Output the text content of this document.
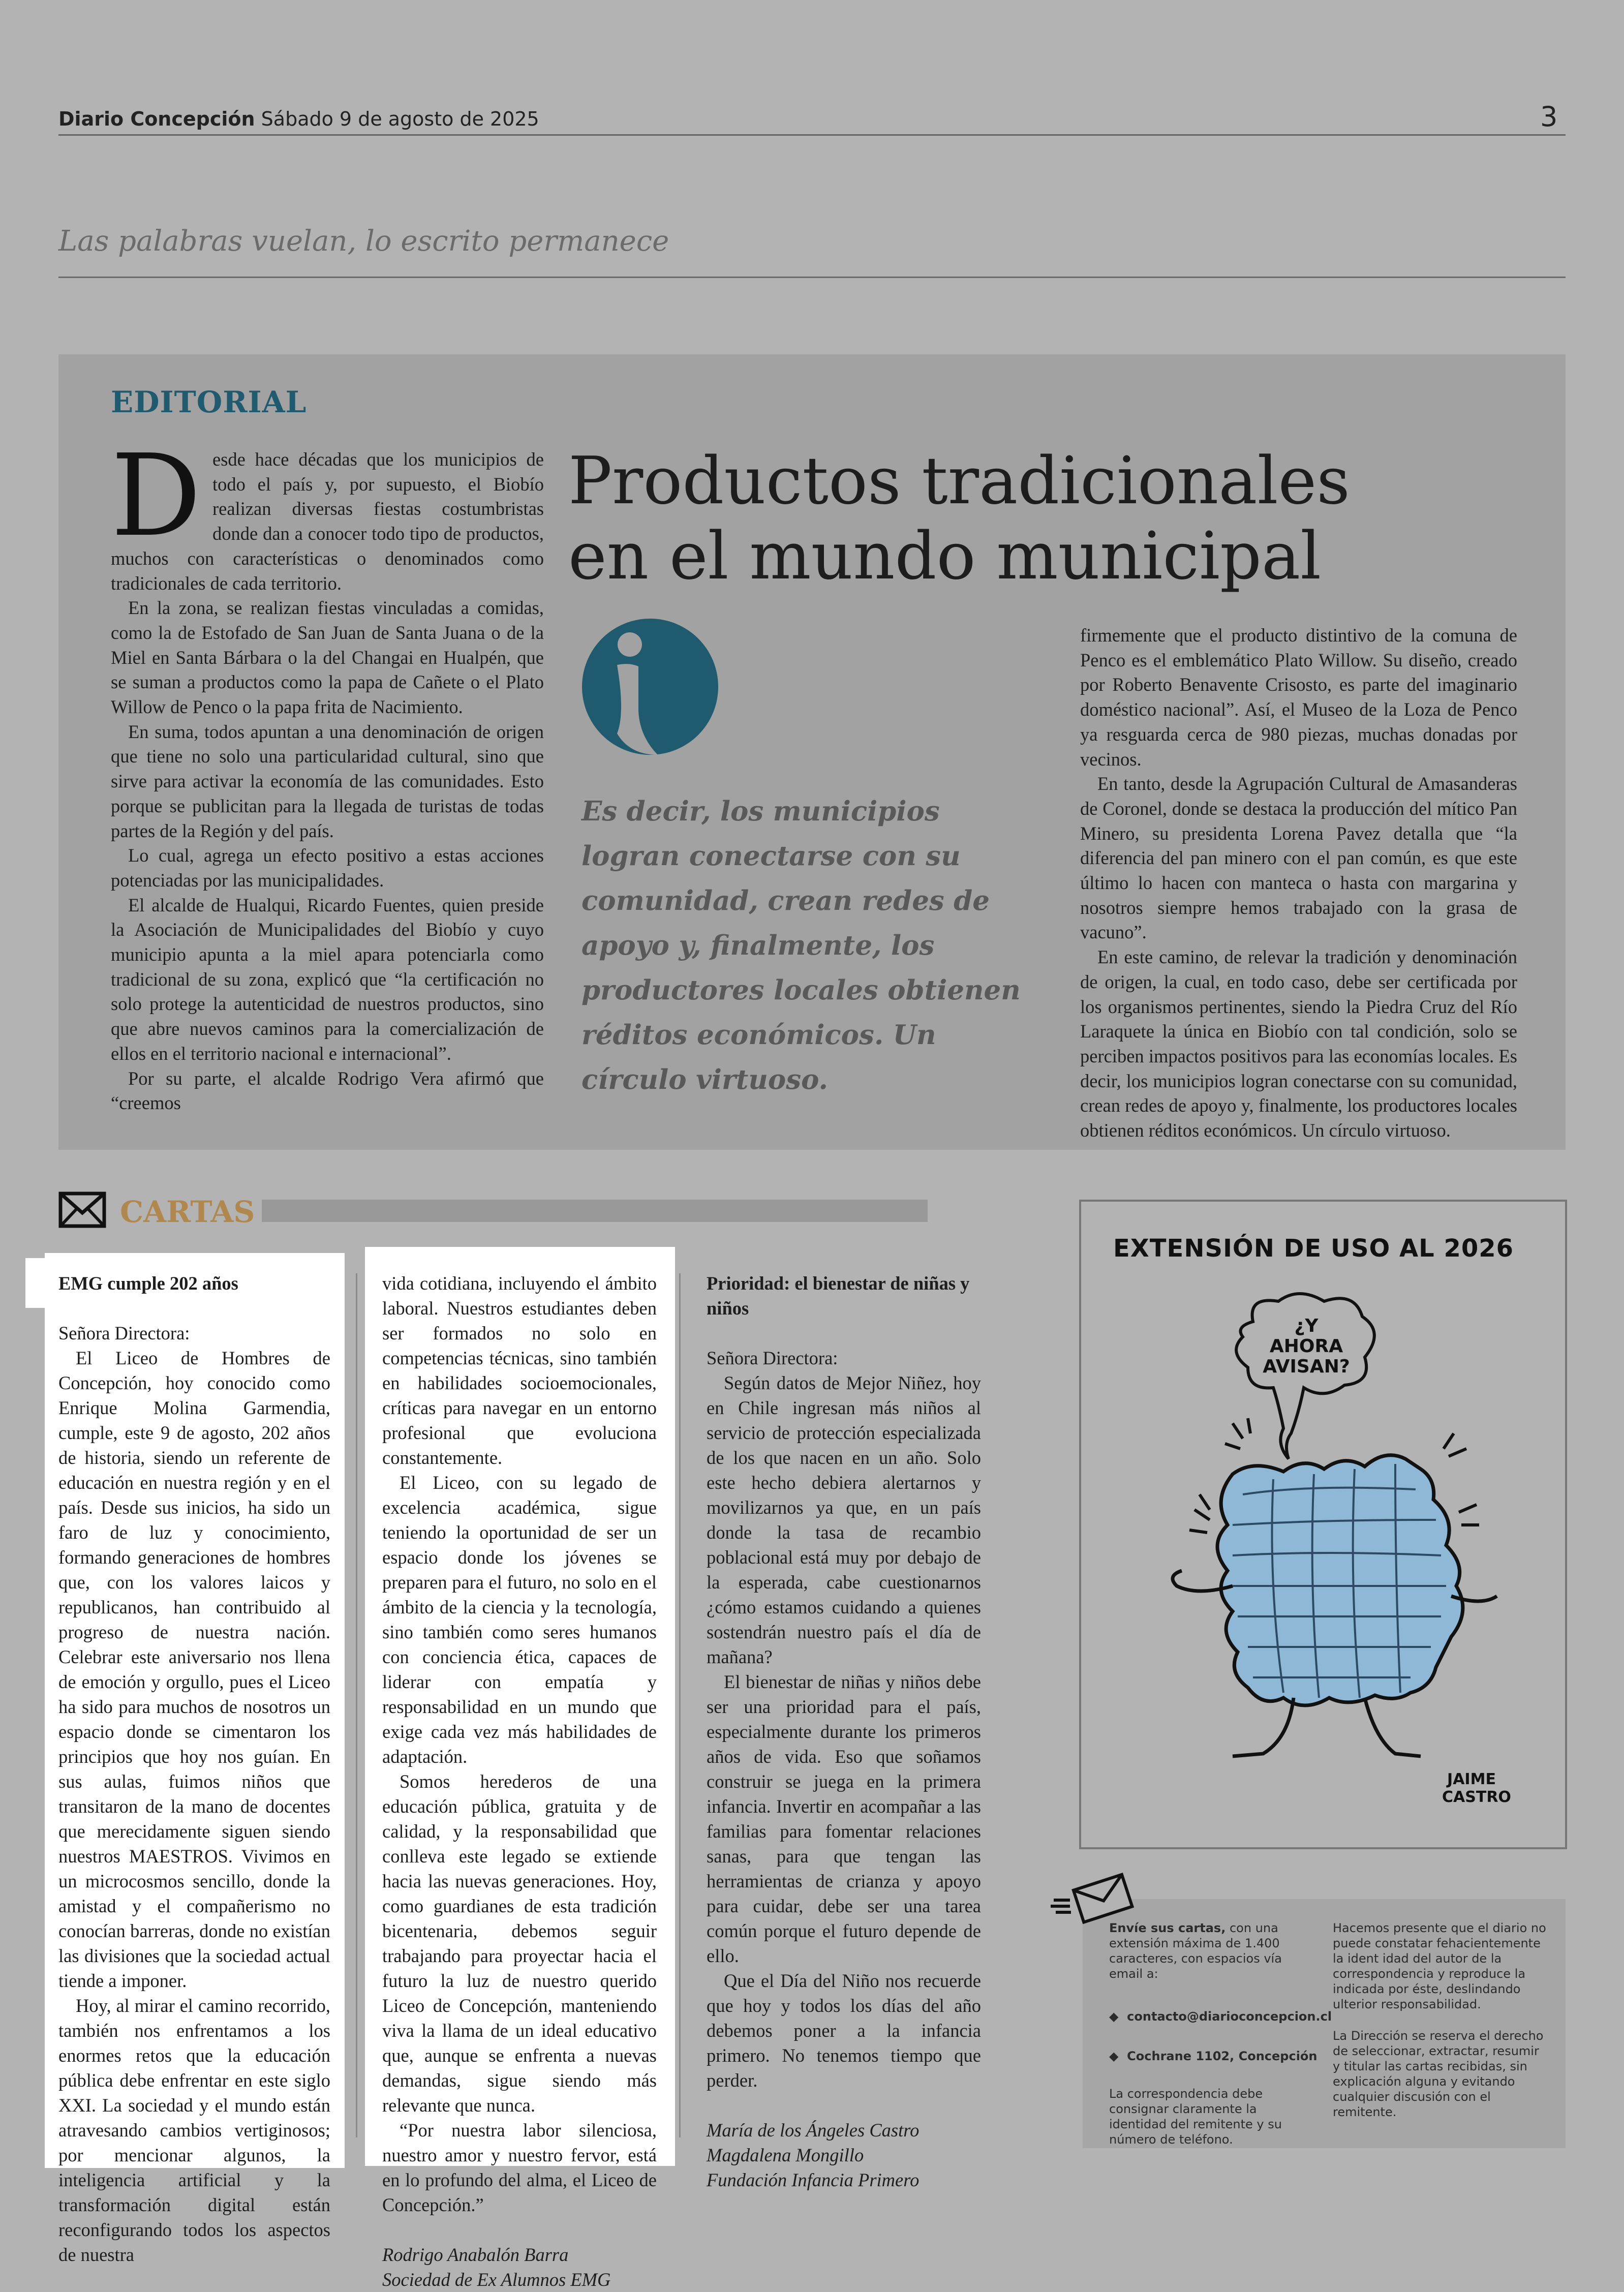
Diario Concepción Sábado 9 de agosto de 2025	3
Las palabras vuelan, lo escrito permanece
EDITORIAL
Productos tradicionales en el mundo municipal

Desde hace décadas que los municipios de todo el país y, por supuesto, el Biobío realizan diversas fiestas costumbristas donde dan a conocer todo tipo de productos, muchos con características o denominados como tradicionales de cada territorio.

En la zona, se realizan fiestas vinculadas a comidas, como la de Estofado de San Juan de Santa Juana o de la Miel en Santa Bárbara o la del Changai en Hualpén, que se suman a productos como la papa de Cañete o el Plato Willow de Penco o la papa frita de Nacimiento.

En suma, todos apuntan a una denominación de origen que tiene no solo una particularidad cultural, sino que sirve para activar la economía de las comunidades. Esto porque se publicitan para la llegada de turistas de todas partes de la Región y del país.

Lo cual, agrega un efecto positivo a estas acciones potenciadas por las municipalidades.

El alcalde de Hualqui, Ricardo Fuentes, quien preside la Asociación de Municipalidades del Biobío y cuyo municipio apunta a la miel apara potenciarla como tradicional de su zona, explicó que “la certificación no solo protege la autenticidad de nuestros productos, sino que abre nuevos caminos para la comercialización de ellos en el territorio nacional e internacional”.

Por su parte, el alcalde Rodrigo Vera afirmó que “creemos

Es decir, los municipios logran conectarse con su comunidad, crean redes de apoyo y, finalmente, los productores locales obtienen réditos económicos. Un círculo virtuoso.

firmemente que el producto distintivo de la comuna de Penco es el emblemático Plato Willow. Su diseño, creado por Roberto Benavente Crisosto, es parte del imaginario doméstico nacional”. Así, el Museo de la Loza de Penco ya resguarda cerca de 980 piezas, muchas donadas por vecinos.

En tanto, desde la Agrupación Cultural de Amasanderas de Coronel, donde se destaca la producción del mítico Pan Minero, su presidenta Lorena Pavez detalla que “la diferencia del pan minero con el pan común, es que este último lo hacen con manteca o hasta con margarina y nosotros siempre hemos trabajado con la grasa de vacuno”.

En este camino, de relevar la tradición y denominación de origen, la cual, en todo caso, debe ser certificada por los organismos pertinentes, siendo la Piedra Cruz del Río Laraquete la única en Biobío con tal condición, solo se perciben impactos positivos para las economías locales. Es decir, los municipios logran conectarse con su comunidad, crean redes de apoyo y, finalmente, los productores locales obtienen réditos económicos. Un círculo virtuoso.

CARTAS

EMG cumple 202 años

Señora Directora:

El Liceo de Hombres de Concepción, hoy conocido como Enrique Molina Garmendia, cumple, este 9 de agosto, 202 años de historia, siendo un referente de educación en nuestra región y en el país. Desde sus inicios, ha sido un faro de luz y conocimiento, formando generaciones de hombres que, con los valores laicos y republicanos, han contribuido al progreso de nuestra nación. Celebrar este aniversario nos llena de emoción y orgullo, pues el Liceo ha sido para muchos de nosotros un espacio donde se cimentaron los principios que hoy nos guían. En sus aulas, fuimos niños que transitaron de la mano de docentes que merecidamente siguen siendo nuestros MAESTROS. Vivimos en un microcosmos sencillo, donde la amistad y el compañerismo no conocían barreras, donde no existían las divisiones que la sociedad actual tiende a imponer.

Hoy, al mirar el camino recorrido, también nos enfrentamos a los enormes retos que la educación pública debe enfrentar en este siglo XXI. La sociedad y el mundo están atravesando cambios vertiginosos; por mencionar algunos, la inteligencia artificial y la transformación digital están reconfigurando todos los aspectos de nuestra

vida cotidiana, incluyendo el ámbito laboral. Nuestros estudiantes deben ser formados no solo en competencias técnicas, sino también en habilidades socioemocionales, críticas para navegar en un entorno profesional que evoluciona constantemente.

El Liceo, con su legado de excelencia académica, sigue teniendo la oportunidad de ser un espacio donde los jóvenes se preparen para el futuro, no solo en el ámbito de la ciencia y la tecnología, sino también como seres humanos con conciencia ética, capaces de liderar con empatía y responsabilidad en un mundo que exige cada vez más habilidades de adaptación.

Somos herederos de una educación pública, gratuita y de calidad, y la responsabilidad que conlleva este legado se extiende hacia las nuevas generaciones. Hoy, como guardianes de esta tradición bicentenaria, debemos seguir trabajando para proyectar hacia el futuro la luz de nuestro querido Liceo de Concepción, manteniendo viva la llama de un ideal educativo que, aunque se enfrenta a nuevas demandas, sigue siendo más relevante que nunca.

“Por nuestra labor silenciosa, nuestro amor y nuestro fervor, está en lo profundo del alma, el Liceo de Concepción.”

Rodrigo Anabalón Barra

Sociedad de Ex Alumnos EMG

Prioridad: el bienestar de niñas y niños

Señora Directora:

Según datos de Mejor Niñez, hoy en Chile ingresan más niños al servicio de protección especializada de los que nacen en un año. Solo este hecho debiera alertarnos y movilizarnos ya que, en un país donde la tasa de recambio poblacional está muy por debajo de la esperada, cabe cuestionarnos ¿cómo estamos cuidando a quienes sostendrán nuestro país el día de mañana?

El bienestar de niñas y niños debe ser una prioridad para el país, especialmente durante los primeros años de vida. Eso que soñamos construir se juega en la primera infancia. Invertir en acompañar a las familias para fomentar relaciones sanas, para que tengan las herramientas de crianza y apoyo para cuidar, debe ser una tarea común porque el futuro depende de ello.

Que el Día del Niño nos recuerde que hoy y todos los días del año debemos poner a la infancia primero. No tenemos tiempo que perder.

María de los Ángeles Castro

Magdalena Mongillo

Fundación Infancia Primero

EXTENSIÓN DE USO AL 2026
¿Y
AHORA
AVISAN?
JAIME
CASTRO

Envíe sus cartas, con una extensión máxima de 1.400 caracteres, con espacios vía email a:

◆  contacto@diarioconcepcion.cl

◆  Cochrane 1102, Concepción

La correspondencia debe consignar claramente la identidad del remitente y su número de teléfono.

Hacemos presente que el diario no puede constatar fehacientemente la ident idad del autor de la correspondencia y reproduce la indicada por éste, deslindando ulterior responsabilidad.

La Dirección se reserva el derecho de seleccionar, extractar, resumir y titular las cartas recibidas, sin explicación alguna y evitando cualquier discusión con el remitente.
